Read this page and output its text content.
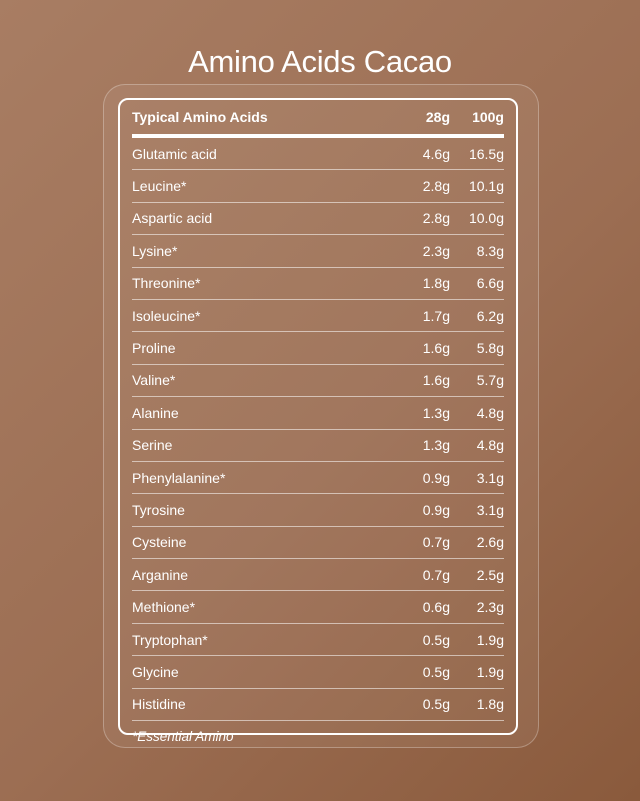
Amino Acids Cacao
Typical Amino Acids	28g	100g
Glutamic acid	4.6g	16.5g
Leucine*	2.8g	10.1g
Aspartic acid	2.8g	10.0g
Lysine*	2.3g	8.3g
Threonine*	1.8g	6.6g
Isoleucine*	1.7g	6.2g
Proline	1.6g	5.8g
Valine*	1.6g	5.7g
Alanine	1.3g	4.8g
Serine	1.3g	4.8g
Phenylalanine*	0.9g	3.1g
Tyrosine	0.9g	3.1g
Cysteine	0.7g	2.6g
Arganine	0.7g	2.5g
Methione*	0.6g	2.3g
Tryptophan*	0.5g	1.9g
Glycine	0.5g	1.9g
Histidine	0.5g	1.8g
*Essential Amino
